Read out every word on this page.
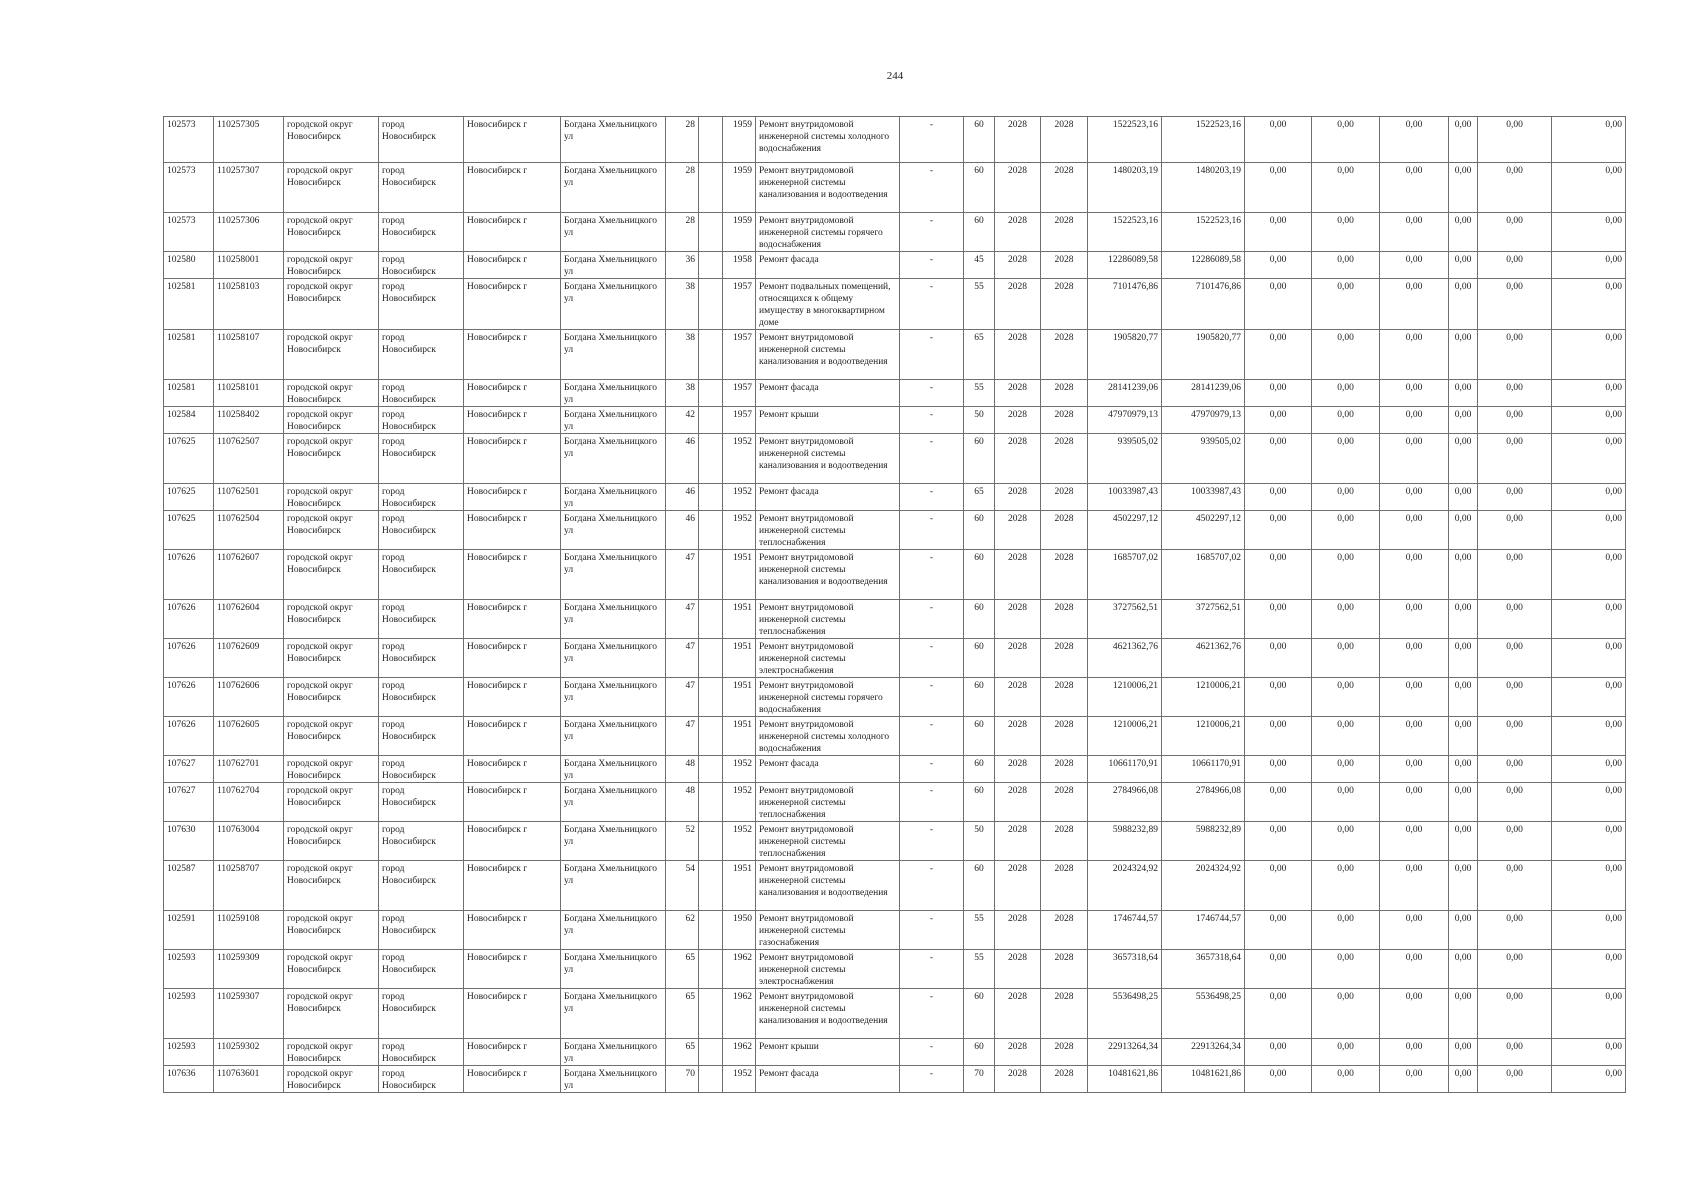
244
102573	110257305	городской округ Новосибирск	город Новосибирск	Новосибирск г	Богдана Хмельницкого ул	28		1959	Ремонт внутридомовой инженерной системы холодного водоснабжения	-	60	2028	2028	1522523,16	1522523,16	0,00	0,00	0,00	0,00	0,00	0,00
102573	110257307	городской округ Новосибирск	город Новосибирск	Новосибирск г	Богдана Хмельницкого ул	28		1959	Ремонт внутридомовой инженерной системы канализования и водоотведения	-	60	2028	2028	1480203,19	1480203,19	0,00	0,00	0,00	0,00	0,00	0,00
102573	110257306	городской округ Новосибирск	город Новосибирск	Новосибирск г	Богдана Хмельницкого ул	28		1959	Ремонт внутридомовой инженерной системы горячего водоснабжения	-	60	2028	2028	1522523,16	1522523,16	0,00	0,00	0,00	0,00	0,00	0,00
102580	110258001	городской округ Новосибирск	город Новосибирск	Новосибирск г	Богдана Хмельницкого ул	36		1958	Ремонт фасада	-	45	2028	2028	12286089,58	12286089,58	0,00	0,00	0,00	0,00	0,00	0,00
102581	110258103	городской округ Новосибирск	город Новосибирск	Новосибирск г	Богдана Хмельницкого ул	38		1957	Ремонт подвальных помещений, относящихся к общему имуществу в многоквартирном доме	-	55	2028	2028	7101476,86	7101476,86	0,00	0,00	0,00	0,00	0,00	0,00
102581	110258107	городской округ Новосибирск	город Новосибирск	Новосибирск г	Богдана Хмельницкого ул	38		1957	Ремонт внутридомовой инженерной системы канализования и водоотведения	-	65	2028	2028	1905820,77	1905820,77	0,00	0,00	0,00	0,00	0,00	0,00
102581	110258101	городской округ Новосибирск	город Новосибирск	Новосибирск г	Богдана Хмельницкого ул	38		1957	Ремонт фасада	-	55	2028	2028	28141239,06	28141239,06	0,00	0,00	0,00	0,00	0,00	0,00
102584	110258402	городской округ Новосибирск	город Новосибирск	Новосибирск г	Богдана Хмельницкого ул	42		1957	Ремонт крыши	-	50	2028	2028	47970979,13	47970979,13	0,00	0,00	0,00	0,00	0,00	0,00
107625	110762507	городской округ Новосибирск	город Новосибирск	Новосибирск г	Богдана Хмельницкого ул	46		1952	Ремонт внутридомовой инженерной системы канализования и водоотведения	-	60	2028	2028	939505,02	939505,02	0,00	0,00	0,00	0,00	0,00	0,00
107625	110762501	городской округ Новосибирск	город Новосибирск	Новосибирск г	Богдана Хмельницкого ул	46		1952	Ремонт фасада	-	65	2028	2028	10033987,43	10033987,43	0,00	0,00	0,00	0,00	0,00	0,00
107625	110762504	городской округ Новосибирск	город Новосибирск	Новосибирск г	Богдана Хмельницкого ул	46		1952	Ремонт внутридомовой инженерной системы теплоснабжения	-	60	2028	2028	4502297,12	4502297,12	0,00	0,00	0,00	0,00	0,00	0,00
107626	110762607	городской округ Новосибирск	город Новосибирск	Новосибирск г	Богдана Хмельницкого ул	47		1951	Ремонт внутридомовой инженерной системы канализования и водоотведения	-	60	2028	2028	1685707,02	1685707,02	0,00	0,00	0,00	0,00	0,00	0,00
107626	110762604	городской округ Новосибирск	город Новосибирск	Новосибирск г	Богдана Хмельницкого ул	47		1951	Ремонт внутридомовой инженерной системы теплоснабжения	-	60	2028	2028	3727562,51	3727562,51	0,00	0,00	0,00	0,00	0,00	0,00
107626	110762609	городской округ Новосибирск	город Новосибирск	Новосибирск г	Богдана Хмельницкого ул	47		1951	Ремонт внутридомовой инженерной системы электроснабжения	-	60	2028	2028	4621362,76	4621362,76	0,00	0,00	0,00	0,00	0,00	0,00
107626	110762606	городской округ Новосибирск	город Новосибирск	Новосибирск г	Богдана Хмельницкого ул	47		1951	Ремонт внутридомовой инженерной системы горячего водоснабжения	-	60	2028	2028	1210006,21	1210006,21	0,00	0,00	0,00	0,00	0,00	0,00
107626	110762605	городской округ Новосибирск	город Новосибирск	Новосибирск г	Богдана Хмельницкого ул	47		1951	Ремонт внутридомовой инженерной системы холодного водоснабжения	-	60	2028	2028	1210006,21	1210006,21	0,00	0,00	0,00	0,00	0,00	0,00
107627	110762701	городской округ Новосибирск	город Новосибирск	Новосибирск г	Богдана Хмельницкого ул	48		1952	Ремонт фасада	-	60	2028	2028	10661170,91	10661170,91	0,00	0,00	0,00	0,00	0,00	0,00
107627	110762704	городской округ Новосибирск	город Новосибирск	Новосибирск г	Богдана Хмельницкого ул	48		1952	Ремонт внутридомовой инженерной системы теплоснабжения	-	60	2028	2028	2784966,08	2784966,08	0,00	0,00	0,00	0,00	0,00	0,00
107630	110763004	городской округ Новосибирск	город Новосибирск	Новосибирск г	Богдана Хмельницкого ул	52		1952	Ремонт внутридомовой инженерной системы теплоснабжения	-	50	2028	2028	5988232,89	5988232,89	0,00	0,00	0,00	0,00	0,00	0,00
102587	110258707	городской округ Новосибирск	город Новосибирск	Новосибирск г	Богдана Хмельницкого ул	54		1951	Ремонт внутридомовой инженерной системы канализования и водоотведения	-	60	2028	2028	2024324,92	2024324,92	0,00	0,00	0,00	0,00	0,00	0,00
102591	110259108	городской округ Новосибирск	город Новосибирск	Новосибирск г	Богдана Хмельницкого ул	62		1950	Ремонт внутридомовой инженерной системы газоснабжения	-	55	2028	2028	1746744,57	1746744,57	0,00	0,00	0,00	0,00	0,00	0,00
102593	110259309	городской округ Новосибирск	город Новосибирск	Новосибирск г	Богдана Хмельницкого ул	65		1962	Ремонт внутридомовой инженерной системы электроснабжения	-	55	2028	2028	3657318,64	3657318,64	0,00	0,00	0,00	0,00	0,00	0,00
102593	110259307	городской округ Новосибирск	город Новосибирск	Новосибирск г	Богдана Хмельницкого ул	65		1962	Ремонт внутридомовой инженерной системы канализования и водоотведения	-	60	2028	2028	5536498,25	5536498,25	0,00	0,00	0,00	0,00	0,00	0,00
102593	110259302	городской округ Новосибирск	город Новосибирск	Новосибирск г	Богдана Хмельницкого ул	65		1962	Ремонт крыши	-	60	2028	2028	22913264,34	22913264,34	0,00	0,00	0,00	0,00	0,00	0,00
107636	110763601	городской округ Новосибирск	город Новосибирск	Новосибирск г	Богдана Хмельницкого ул	70		1952	Ремонт фасада	-	70	2028	2028	10481621,86	10481621,86	0,00	0,00	0,00	0,00	0,00	0,00
